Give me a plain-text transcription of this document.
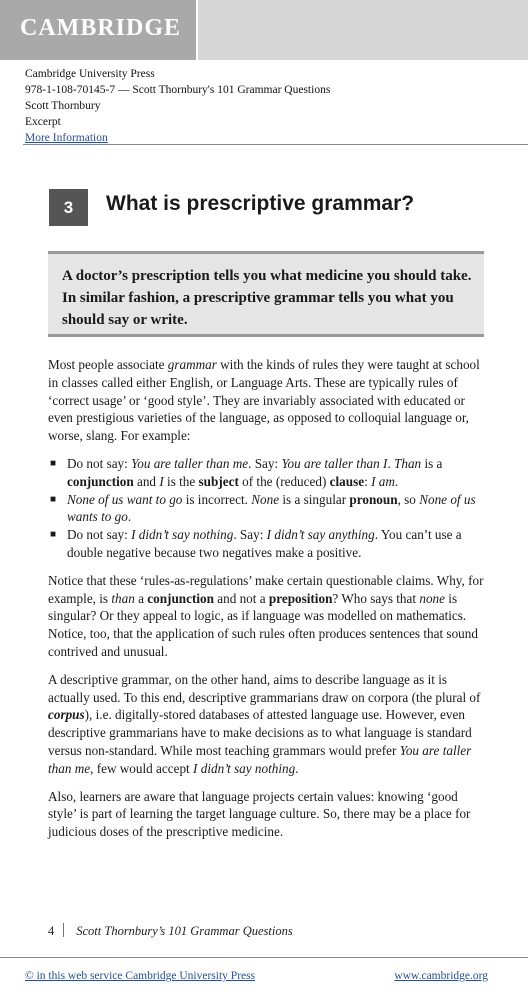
CAMBRIDGE
Cambridge University Press
978-1-108-70145-7 — Scott Thornbury's 101 Grammar Questions
Scott Thornbury
Excerpt
More Information
3	What is prescriptive grammar?

A doctor’s prescription tells you what medicine you should take. In similar fashion, a prescriptive grammar tells you what you should say or write.

Most people associate grammar with the kinds of rules they were taught at school in classes called either English, or Language Arts. These are typically rules of ‘correct usage’ or ‘good style’. They are invariably associated with educated or even prestigious varieties of the language, as opposed to colloquial language or, worse, slang. For example:

■ Do not say: You are taller than me. Say: You are taller than I. Than is a conjunction and I is the subject of the (reduced) clause: I am.
■ None of us want to go is incorrect. None is a singular pronoun, so None of us wants to go.
■ Do not say: I didn’t say nothing. Say: I didn’t say anything. You can’t use a double negative because two negatives make a positive.

Notice that these ‘rules-as-regulations’ make certain questionable claims. Why, for example, is than a conjunction and not a preposition? Who says that none is singular? Or they appeal to logic, as if language was modelled on mathematics. Notice, too, that the application of such rules often produces sentences that sound contrived and unusual.

A descriptive grammar, on the other hand, aims to describe language as it is actually used. To this end, descriptive grammarians draw on corpora (the plural of corpus), i.e. digitally-stored databases of attested language use. However, even descriptive grammarians have to make decisions as to what language is standard versus non-standard. While most teaching grammars would prefer You are taller than me, few would accept I didn’t say nothing.

Also, learners are aware that language projects certain values: knowing ‘good style’ is part of learning the target language culture. So, there may be a place for judicious doses of the prescriptive medicine.

4 Scott Thornbury’s 101 Grammar Questions
© in this web service Cambridge University Press	www.cambridge.org
